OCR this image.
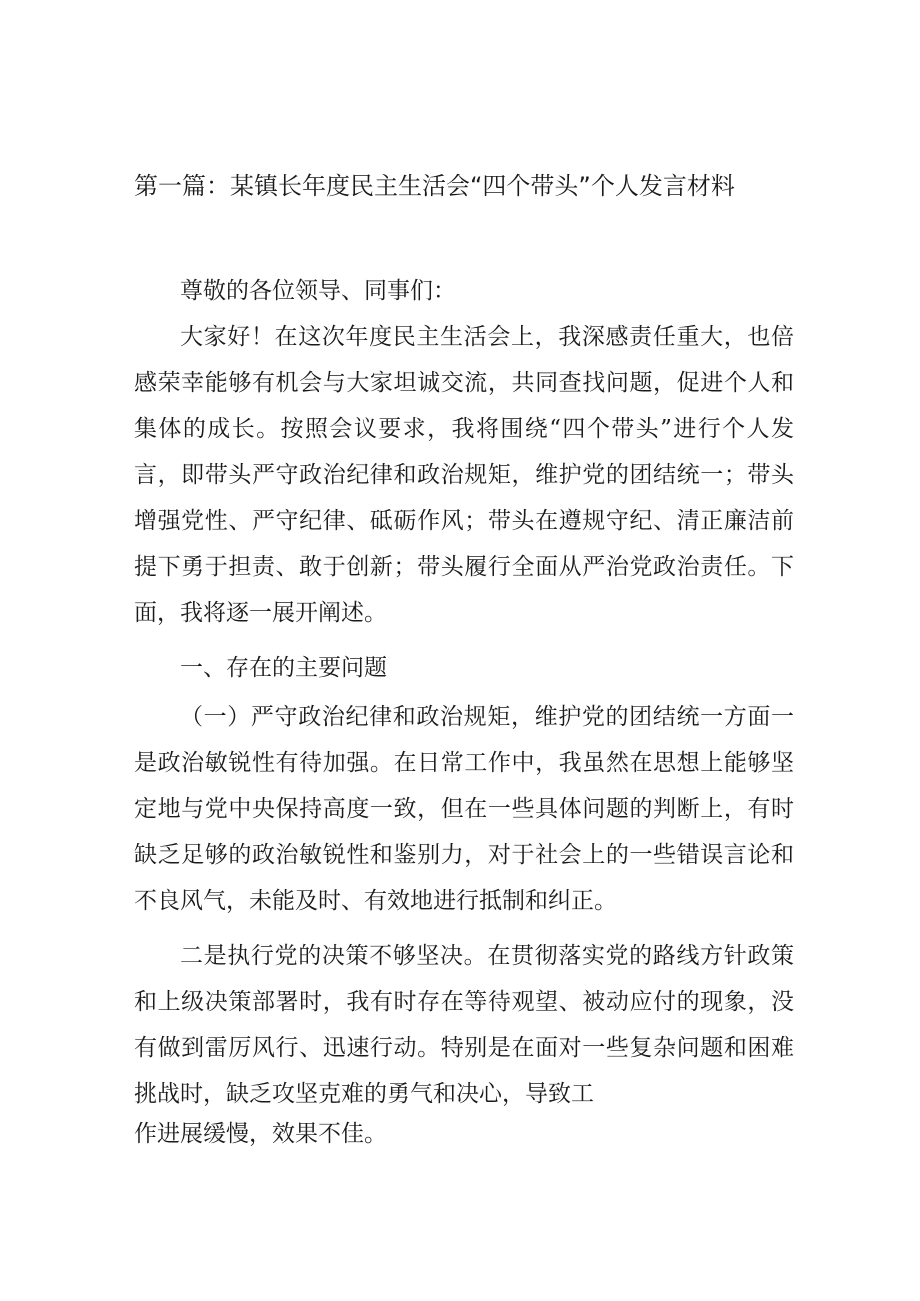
第一篇：某镇长年度民主生活会“四个带头”个人发言材料

尊敬的各位领导、同事们：

大家好！在这次年度民主生活会上，我深感责任重大，也倍感荣幸能够有机会与大家坦诚交流，共同查找问题，促进个人和集体的成长。按照会议要求，我将围绕“四个带头”进行个人发言，即带头严守政治纪律和政治规矩，维护党的团结统一；带头增强党性、严守纪律、砥砺作风；带头在遵规守纪、清正廉洁前提下勇于担责、敢于创新；带头履行全面从严治党政治责任。下面，我将逐一展开阐述。

一、存在的主要问题

（一）严守政治纪律和政治规矩，维护党的团结统一方面一是政治敏锐性有待加强。在日常工作中，我虽然在思想上能够坚定地与党中央保持高度一致，但在一些具体问题的判断上，有时缺乏足够的政治敏锐性和鉴别力，对于社会上的一些错误言论和不良风气，未能及时、有效地进行抵制和纠正。

二是执行党的决策不够坚决。在贯彻落实党的路线方针政策和上级决策部署时，我有时存在等待观望、被动应付的现象，没有做到雷厉风行、迅速行动。特别是在面对一些复杂问题和困难挑战时，缺乏攻坚克难的勇气和决心，导致工

作进展缓慢，效果不佳。
